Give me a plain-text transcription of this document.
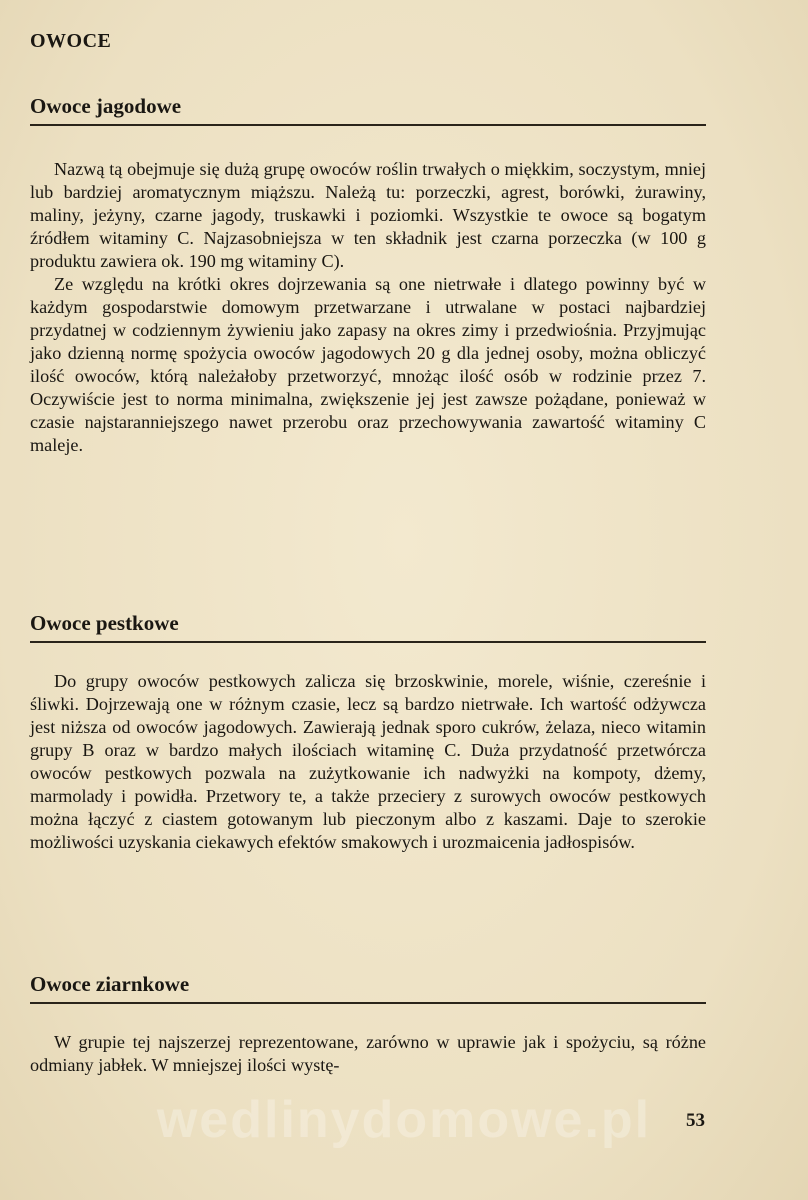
OWOCE
Owoce jagodowe

Nazwą tą obejmuje się dużą grupę owoców roślin trwałych o miękkim, soczystym, mniej lub bardziej aromatycznym miąższu. Należą tu: porzeczki, agrest, borówki, żurawiny, maliny, jeżyny, czarne jagody, truskawki i poziomki. Wszystkie te owoce są bogatym źródłem witaminy C. Najzasobniejsza w ten składnik jest czarna porzeczka (w 100 g produktu zawiera ok. 190 mg witaminy C).

Ze względu na krótki okres dojrzewania są one nietrwałe i dlatego powinny być w każdym gospodarstwie domowym przetwarzane i utrwalane w postaci najbardziej przydatnej w codziennym żywieniu jako zapasy na okres zimy i przedwiośnia. Przyjmując jako dzienną normę spożycia owoców jagodowych 20 g dla jednej osoby, można obliczyć ilość owoców, którą należałoby przetworzyć, mnożąc ilość osób w rodzinie przez 7. Oczywiście jest to norma minimalna, zwiększenie jej jest zawsze pożądane, ponieważ w czasie najstaranniejszego nawet przerobu oraz przechowywania zawartość witaminy C maleje.

Owoce pestkowe

Do grupy owoców pestkowych zalicza się brzoskwinie, morele, wiśnie, czereśnie i śliwki. Dojrzewają one w różnym czasie, lecz są bardzo nietrwałe. Ich wartość odżywcza jest niższa od owoców jagodowych. Zawierają jednak sporo cukrów, żelaza, nieco witamin grupy B oraz w bardzo małych ilościach witaminę C. Duża przydatność przetwórcza owoców pestkowych pozwala na zużytkowanie ich nadwyżki na kompoty, dżemy, marmolady i powidła. Przetwory te, a także przeciery z surowych owoców pestkowych można łączyć z ciastem gotowanym lub pieczonym albo z kaszami. Daje to szerokie możliwości uzyskania ciekawych efektów smakowych i urozmaicenia jadłospisów.

Owoce ziarnkowe

W grupie tej najszerzej reprezentowane, zarówno w uprawie jak i spożyciu, są różne odmiany jabłek. W mniejszej ilości wystę-

wedlinydomowe.pl	53
